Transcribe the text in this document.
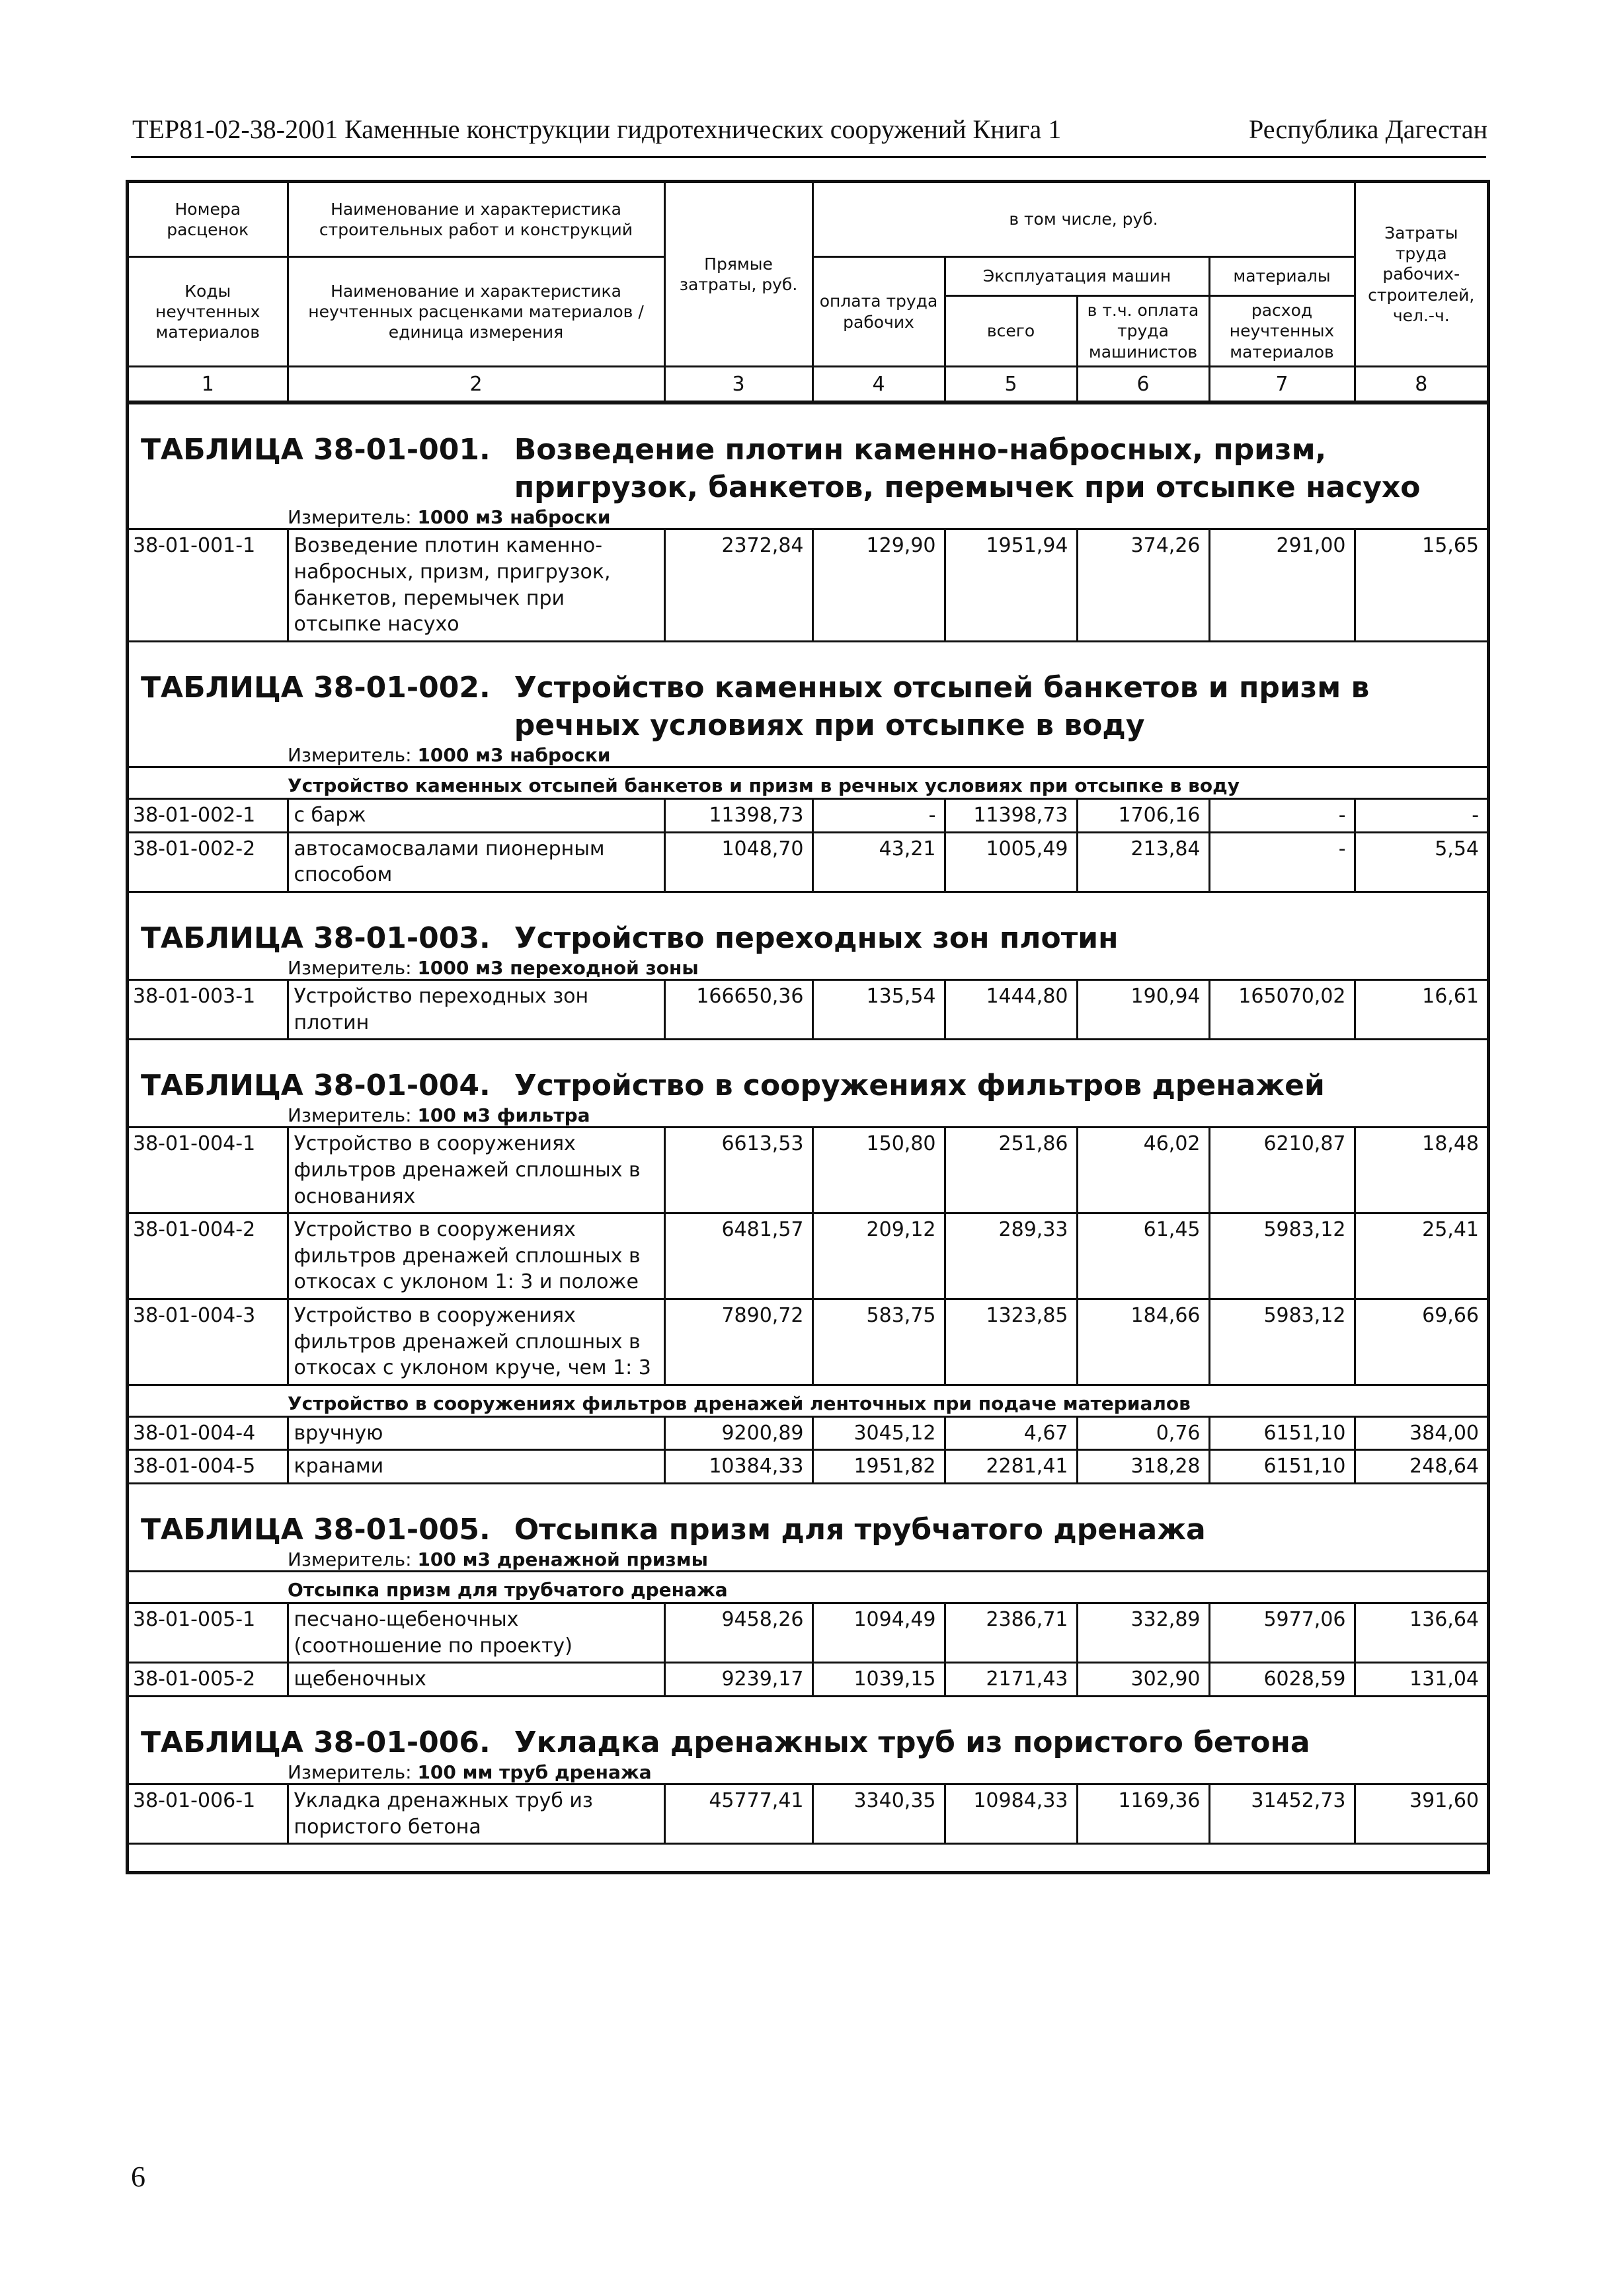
ТЕР81-02-38-2001 Каменные конструкции гидротехнических сооружений Книга 1	Республика Дагестан
Номера расценок	Наименование и характеристика строительных работ и конструкций	Прямые затраты, руб.	в том числе, руб.				Затраты труда рабочих-строителей, чел.-ч.
Коды неучтенных материалов	Наименование и характеристика неучтенных расценками материалов / единица измерения		оплата труда рабочих	Эксплуатация машин		материалы	
				всего	в т.ч. оплата труда машинистов	расход неучтенных материалов	
1	2	3	4	5	6	7	8

ТАБЛИЦА 38-01-001. Возведение плотин каменно-набросных, призм, пригрузок, банкетов, перемычек при отсыпке насухо							

	Измеритель: 1000 м3 наброски						
38-01-001-1	Возведение плотин каменно-набросных, призм, пригрузок, банкетов, перемычек при отсыпке насухо	2372,84	129,90	1951,94	374,26	291,00	15,65

ТАБЛИЦА 38-01-002. Устройство каменных отсыпей банкетов и призм в речных условиях при отсыпке в воду							

	Измеритель: 1000 м3 наброски						
	Устройство каменных отсыпей банкетов и призм в речных условиях при отсыпке в воду						
38-01-002-1	с барж	11398,73	-	11398,73	1706,16	-	-
38-01-002-2	автосамосвалами пионерным способом	1048,70	43,21	1005,49	213,84	-	5,54

ТАБЛИЦА 38-01-003. Устройство переходных зон плотин							

	Измеритель: 1000 м3 переходной зоны						
38-01-003-1	Устройство переходных зон плотин	166650,36	135,54	1444,80	190,94	165070,02	16,61

ТАБЛИЦА 38-01-004. Устройство в сооружениях фильтров дренажей							

	Измеритель: 100 м3 фильтра						
38-01-004-1	Устройство в сооружениях фильтров дренажей сплошных в основаниях	6613,53	150,80	251,86	46,02	6210,87	18,48
38-01-004-2	Устройство в сооружениях фильтров дренажей сплошных в откосах с уклоном 1: 3 и положе	6481,57	209,12	289,33	61,45	5983,12	25,41
38-01-004-3	Устройство в сооружениях фильтров дренажей сплошных в откосах с уклоном круче, чем 1: 3	7890,72	583,75	1323,85	184,66	5983,12	69,66
	Устройство в сооружениях фильтров дренажей ленточных при подаче материалов						
38-01-004-4	вручную	9200,89	3045,12	4,67	0,76	6151,10	384,00
38-01-004-5	кранами	10384,33	1951,82	2281,41	318,28	6151,10	248,64

ТАБЛИЦА 38-01-005. Отсыпка призм для трубчатого дренажа							

	Измеритель: 100 м3 дренажной призмы						
	Отсыпка призм для трубчатого дренажа						
38-01-005-1	песчано-щебеночных (соотношение по проекту)	9458,26	1094,49	2386,71	332,89	5977,06	136,64
38-01-005-2	щебеночных	9239,17	1039,15	2171,43	302,90	6028,59	131,04

ТАБЛИЦА 38-01-006. Укладка дренажных труб из пористого бетона							

	Измеритель: 100 мм труб дренажа						
38-01-006-1	Укладка дренажных труб из пористого бетона	45777,41	3340,35	10984,33	1169,36	31452,73	391,60

6
